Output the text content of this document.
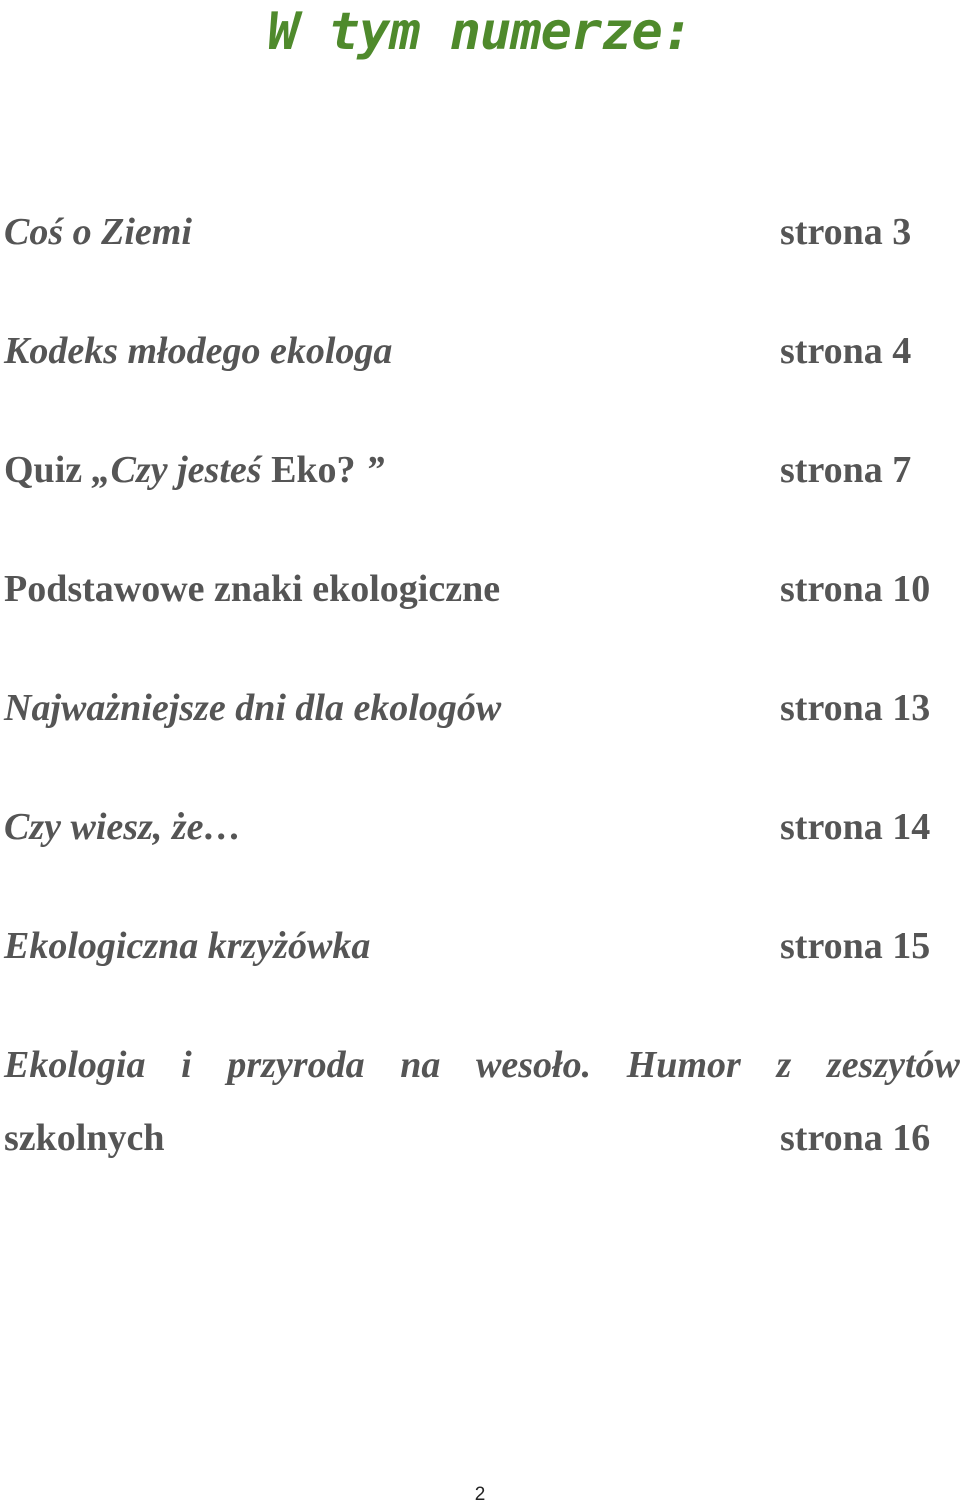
W tym numerze:
Coś o Ziemi	strona 3
Kodeks młodego ekologa	strona 4
Quiz „Czy jesteś Eko? ”	strona 7
Podstawowe znaki ekologiczne	strona 10
Najważniejsze dni dla ekologów	strona 13
Czy wiesz, że…	strona 14
Ekologiczna krzyżówka	strona 15
Ekologia i przyroda na wesoło. Humor z zeszytów
szkolnych	strona 16
2
